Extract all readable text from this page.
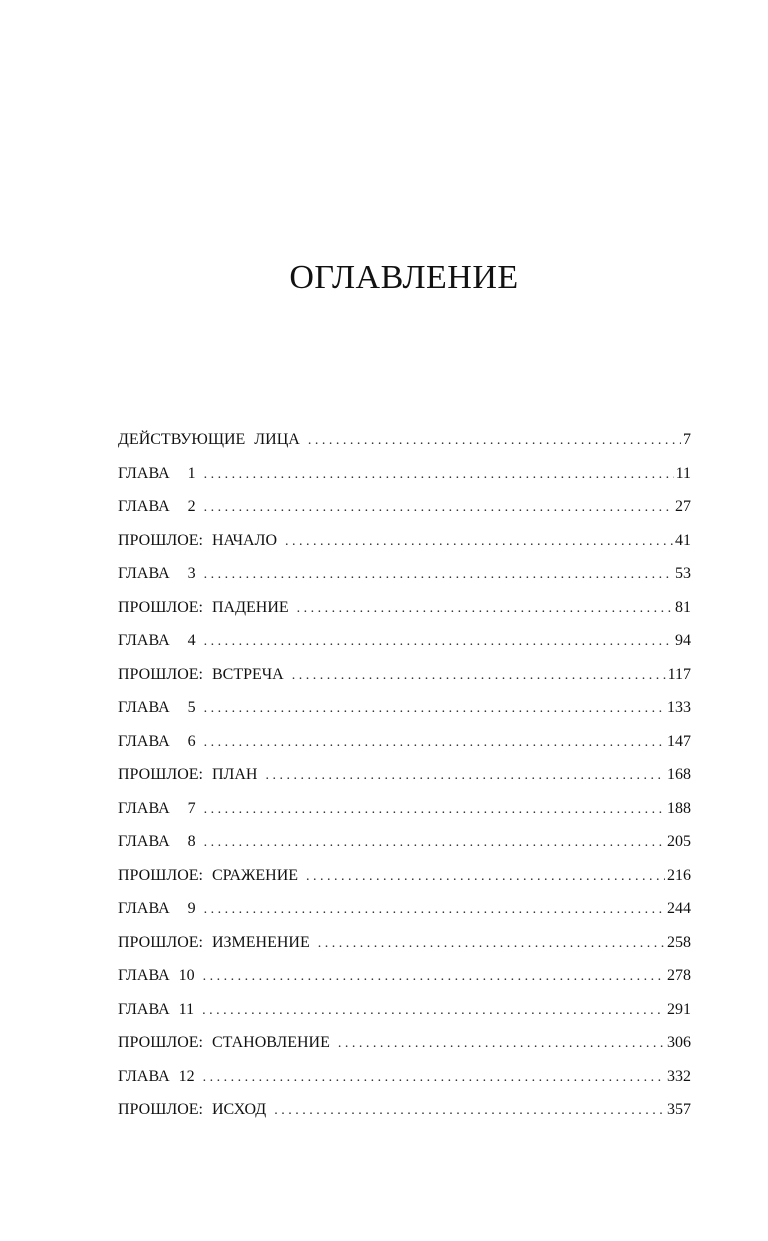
ОГЛАВЛЕНИЕ
ДЕЙСТВУЮЩИЕ ЛИЦА . . .	7
ГЛАВА  1 . . .	11
ГЛАВА  2 . . .	27
ПРОШЛОЕ: НАЧАЛО . . .	41
ГЛАВА  3 . . .	53
ПРОШЛОЕ: ПАДЕНИЕ . . .	81
ГЛАВА  4 . . .	94
ПРОШЛОЕ: ВСТРЕЧА . . .	117
ГЛАВА  5 . . .	133
ГЛАВА  6 . . .	147
ПРОШЛОЕ: ПЛАН . . .	168
ГЛАВА  7 . . .	188
ГЛАВА  8 . . .	205
ПРОШЛОЕ: СРАЖЕНИЕ . . .	216
ГЛАВА  9 . . .	244
ПРОШЛОЕ: ИЗМЕНЕНИЕ . . .	258
ГЛАВА 10 . . .	278
ГЛАВА 11 . . .	291
ПРОШЛОЕ: СТАНОВЛЕНИЕ . . .	306
ГЛАВА 12 . . .	332
ПРОШЛОЕ: ИСХОД . . .	357
